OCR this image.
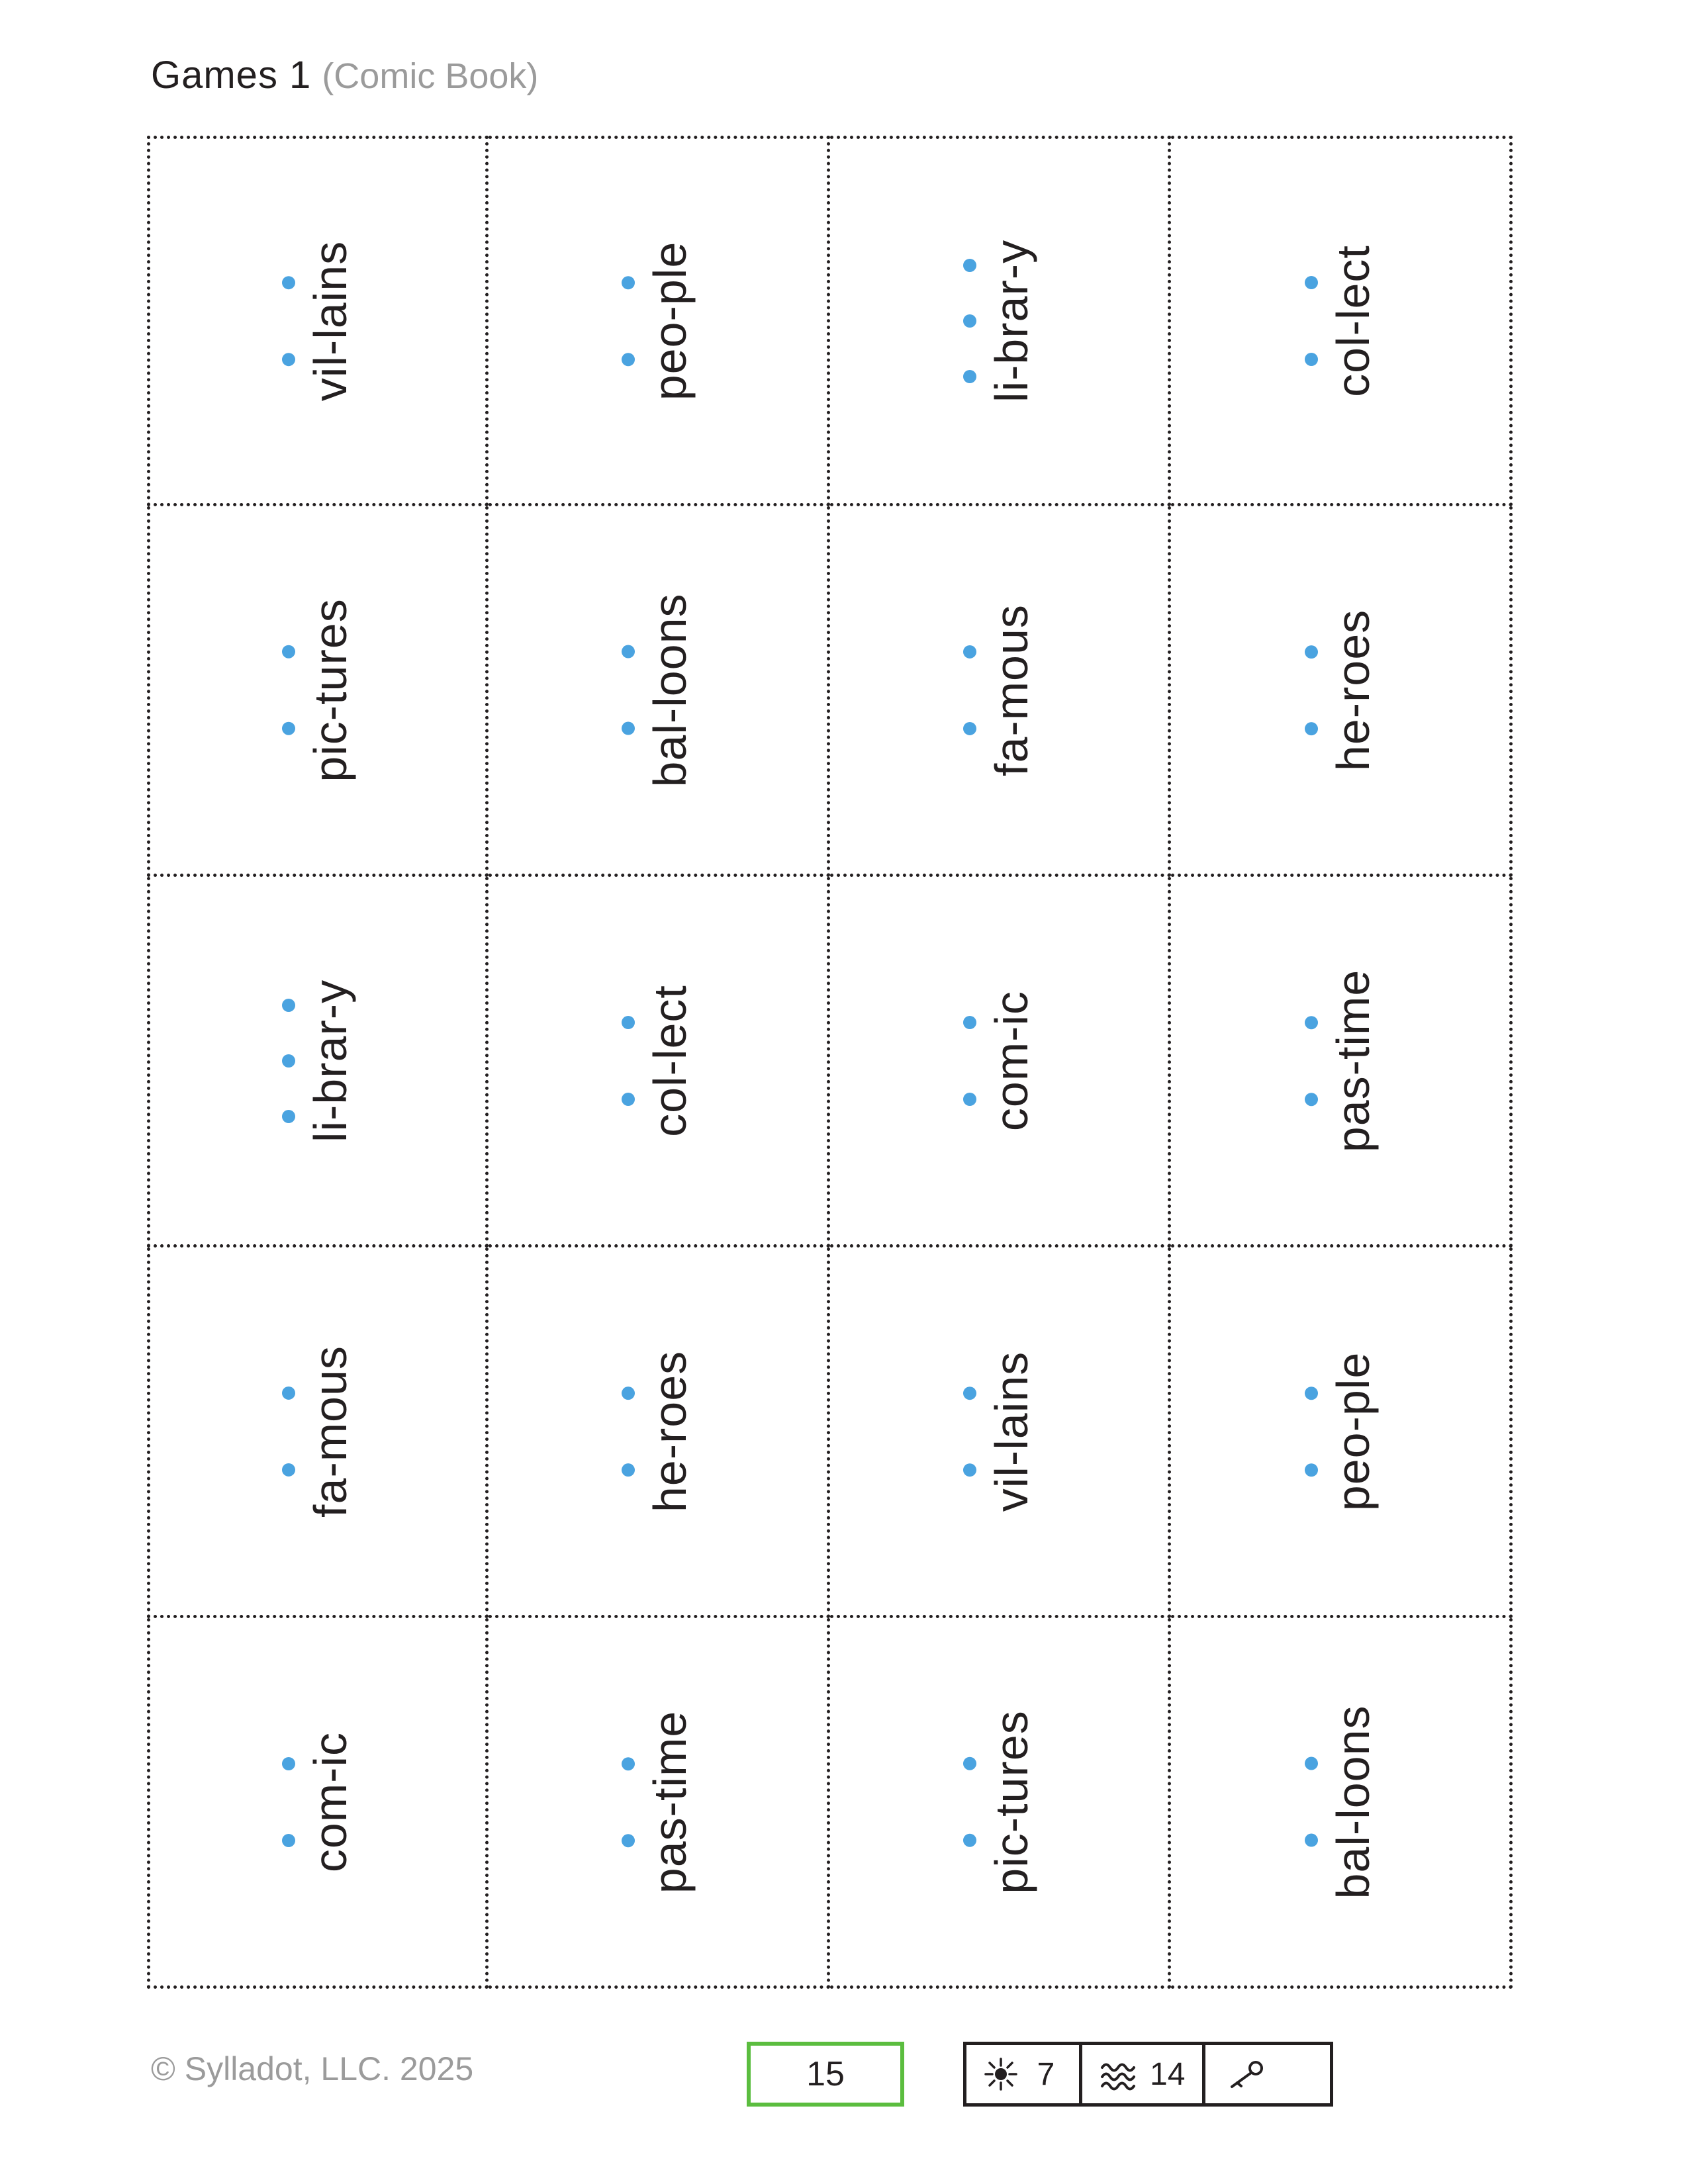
Games 1 (Comic Book)
vil-lains	peo-ple	li-brar-y	col-lect
pic-tures	bal-loons	fa-mous	he-roes
li-brar-y	col-lect	com-ic	pas-time
fa-mous	he-roes	vil-lains	peo-ple
com-ic	pas-time	pic-tures	bal-loons
© Sylladot, LLC. 2025	15	7	14
